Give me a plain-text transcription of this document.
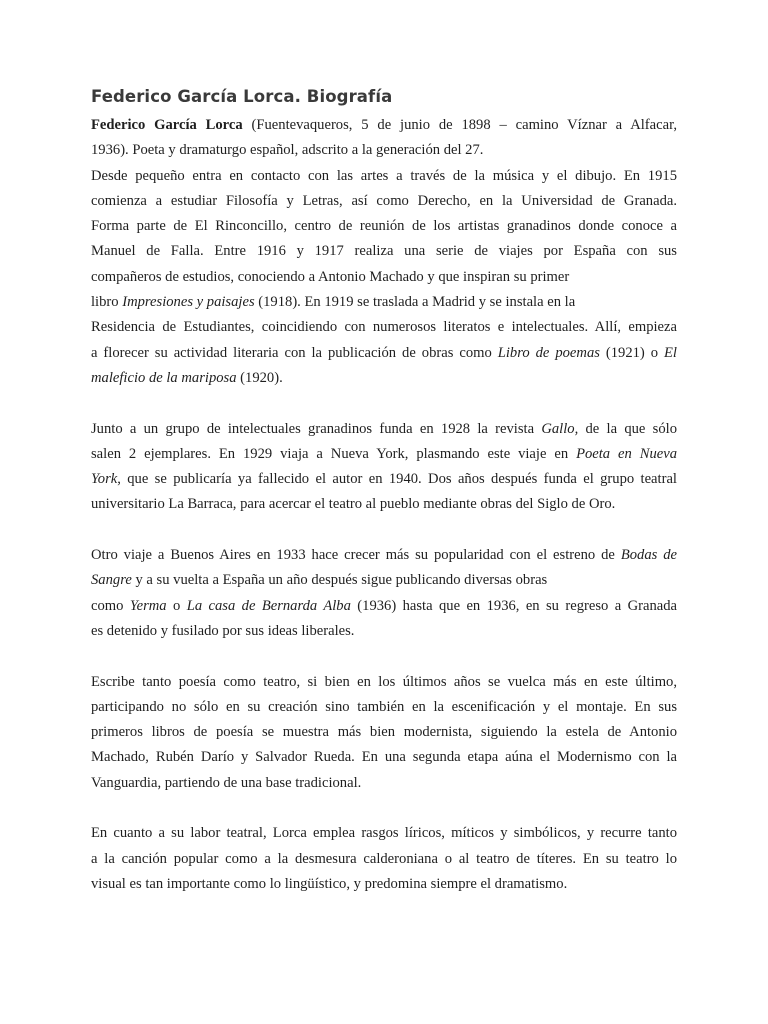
Federico García Lorca. Biografía
Federico García Lorca (Fuentevaqueros, 5 de junio de 1898 – camino Víznar a Alfacar,
1936). Poeta y dramaturgo español, adscrito a la generación del 27.
Desde pequeño entra en contacto con las artes a través de la música y el dibujo. En 1915
comienza a estudiar Filosofía y Letras, así como Derecho, en la Universidad de Granada.
Forma parte de El Rinconcillo, centro de reunión de los artistas granadinos donde conoce a
Manuel de Falla. Entre 1916 y 1917 realiza una serie de viajes por España con sus
compañeros de estudios, conociendo a Antonio Machado y que inspiran su primer
libro Impresiones y paisajes (1918). En 1919 se traslada a Madrid y se instala en la
Residencia de Estudiantes, coincidiendo con numerosos literatos e intelectuales. Allí, empieza
a florecer su actividad literaria con la publicación de obras como Libro de poemas (1921) o El
maleficio de la mariposa (1920).
Junto a un grupo de intelectuales granadinos funda en 1928 la revista Gallo, de la que sólo
salen 2 ejemplares. En 1929 viaja a Nueva York, plasmando este viaje en Poeta en Nueva
York, que se publicaría ya fallecido el autor en 1940. Dos años después funda el grupo teatral
universitario La Barraca, para acercar el teatro al pueblo mediante obras del Siglo de Oro.
Otro viaje a Buenos Aires en 1933 hace crecer más su popularidad con el estreno de Bodas de
Sangre y a su vuelta a España un año después sigue publicando diversas obras
como Yerma o La casa de Bernarda Alba (1936) hasta que en 1936, en su regreso a Granada
es detenido y fusilado por sus ideas liberales.
Escribe tanto poesía como teatro, si bien en los últimos años se vuelca más en este último,
participando no sólo en su creación sino también en la escenificación y el montaje. En sus
primeros libros de poesía se muestra más bien modernista, siguiendo la estela de Antonio
Machado, Rubén Darío y Salvador Rueda. En una segunda etapa aúna el Modernismo con la
Vanguardia, partiendo de una base tradicional.
En cuanto a su labor teatral, Lorca emplea rasgos líricos, míticos y simbólicos, y recurre tanto
a la canción popular como a la desmesura calderoniana o al teatro de títeres. En su teatro lo
visual es tan importante como lo lingüístico, y predomina siempre el dramatismo.
